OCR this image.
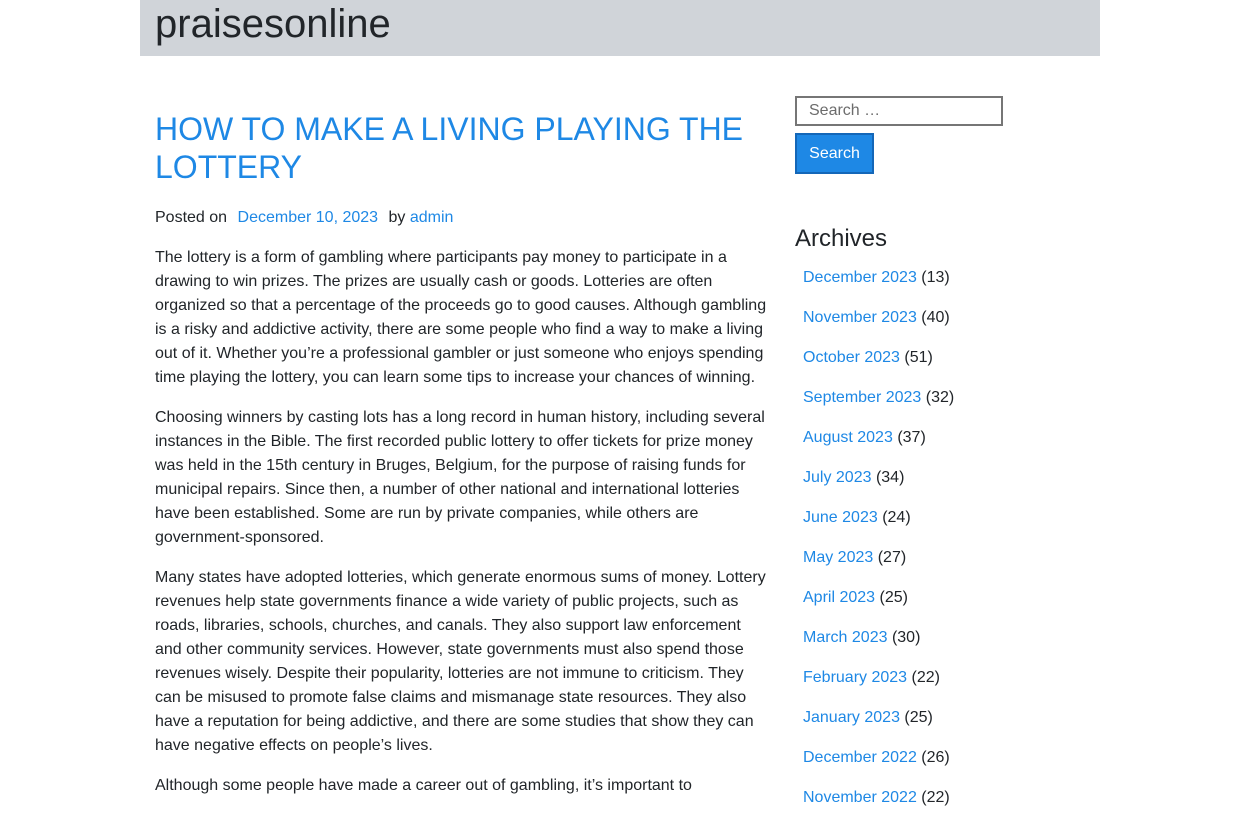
praisesonline
HOW TO MAKE A LIVING PLAYING THE LOTTERY
Posted on December 10, 2023 by admin

The lottery is a form of gambling where participants pay money to participate in a drawing to win prizes. The prizes are usually cash or goods. Lotteries are often organized so that a percentage of the proceeds go to good causes. Although gambling is a risky and addictive activity, there are some people who find a way to make a living out of it. Whether you’re a professional gambler or just someone who enjoys spending time playing the lottery, you can learn some tips to increase your chances of winning.

Choosing winners by casting lots has a long record in human history, including several instances in the Bible. The first recorded public lottery to offer tickets for prize money was held in the 15th century in Bruges, Belgium, for the purpose of raising funds for municipal repairs. Since then, a number of other national and international lotteries have been established. Some are run by private companies, while others are government-sponsored.

Many states have adopted lotteries, which generate enormous sums of money. Lottery revenues help state governments finance a wide variety of public projects, such as roads, libraries, schools, churches, and canals. They also support law enforcement and other community services. However, state governments must also spend those revenues wisely. Despite their popularity, lotteries are not immune to criticism. They can be misused to promote false claims and mismanage state resources. They also have a reputation for being addictive, and there are some studies that show they can have negative effects on people’s lives.

Although some people have made a career out of gambling, it’s important to

Search …
Search
Archives
December 2023 (13)
November 2023 (40)
October 2023 (51)
September 2023 (32)
August 2023 (37)
July 2023 (34)
June 2023 (24)
May 2023 (27)
April 2023 (25)
March 2023 (30)
February 2023 (22)
January 2023 (25)
December 2022 (26)
November 2022 (22)
